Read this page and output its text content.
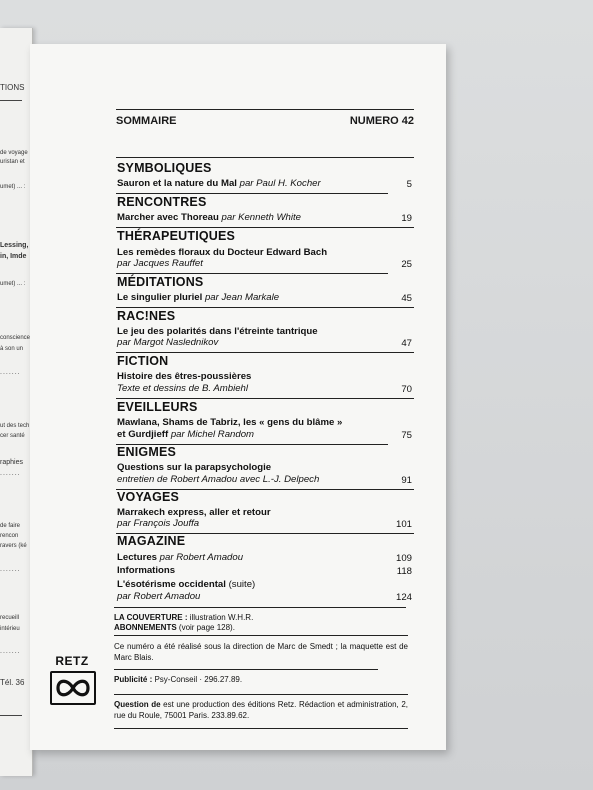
TIONS
de voyage
uristan et
umet) ... :
Lessing,
in, Imde
umet) ... :
conscience
à son un
.......
ut des tech
cer santé
raphies
.......
de faire
rencon
ravers (ké
.......
recueill
intérieu
.......
Tél. 36
SOMMAIRE	NUMERO 42
SYMBOLIQUES
Sauron et la nature du Mal par Paul H. Kocher	5
RENCONTRES
Marcher avec Thoreau par Kenneth White	19
THÉRAPEUTIQUES
Les remèdes floraux du Docteur Edward Bach
par Jacques Rauffet	25
MÉDITATIONS
Le singulier pluriel par Jean Markale	45
RAC!NES
Le jeu des polarités dans l'étreinte tantrique
par Margot Naslednikov	47
FICTION
Histoire des êtres-poussières
Texte et dessins de B. Ambiehl	70
EVEILLEURS
Mawlana, Shams de Tabriz, les « gens du blâme »
et Gurdjieff par Michel Random	75
ENIGMES
Questions sur la parapsychologie
entretien de Robert Amadou avec L.-J. Delpech	91
VOYAGES
Marrakech express, aller et retour
par François Jouffa	101
MAGAZINE
Lectures par Robert Amadou	109
Informations	118
L'ésotérisme occidental (suite)
par Robert Amadou	124
LA COUVERTURE : illustration W.H.R.
ABONNEMENTS (voir page 128).
Ce numéro a été réalisé sous la direction de Marc de Smedt ; la maquette est de Marc Blais.
Publicité : Psy-Conseil · 296.27.89.
Question de est une production des éditions Retz. Rédaction et administration, 2, rue du Roule, 75001 Paris. 233.89.62.
RETZ
